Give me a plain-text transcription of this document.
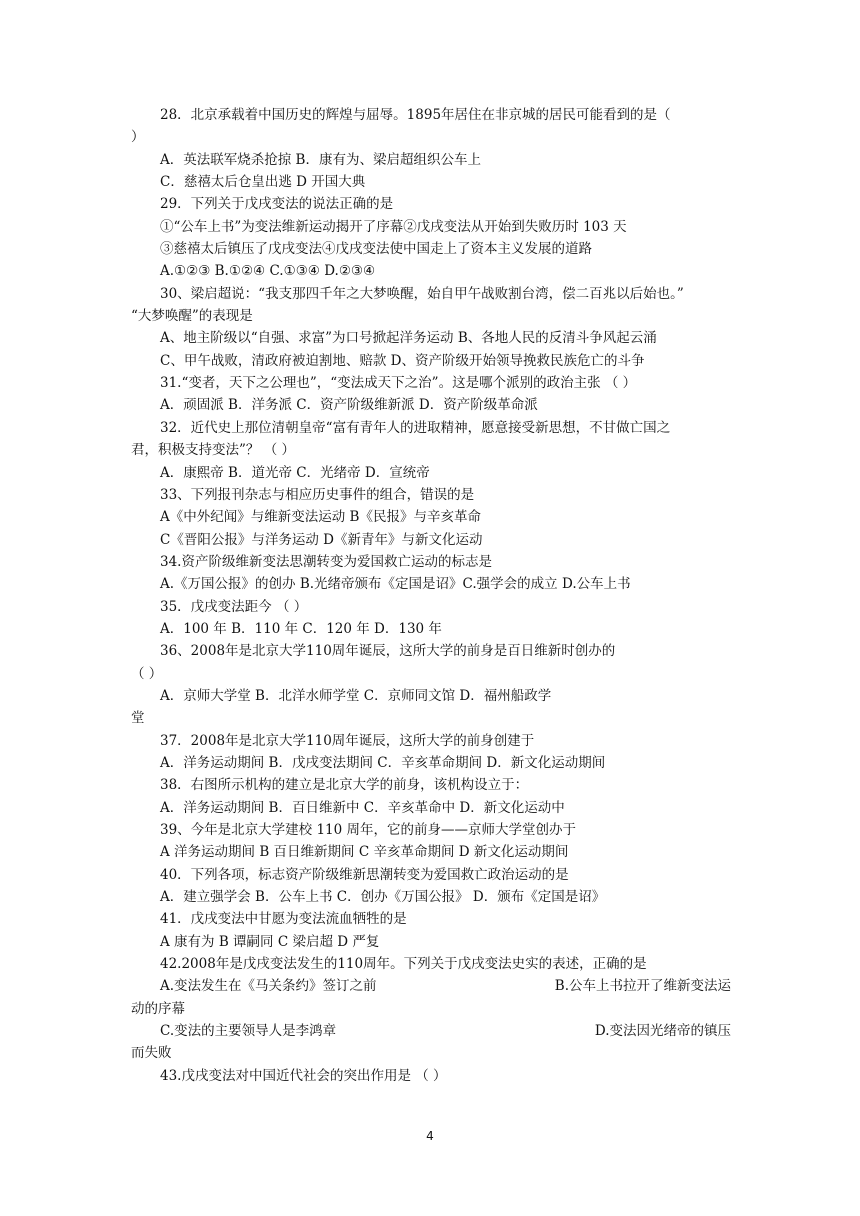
28．北京承载着中国历史的辉煌与屈辱。1895年居住在非京城的居民可能看到的是（
）
A．英法联军烧杀抢掠 B．康有为、梁启超组织公车上
C．慈禧太后仓皇出逃 D 开国大典
29．下列关于戊戌变法的说法正确的是
①“公车上书”为变法维新运动揭开了序幕②戊戌变法从开始到失败历时 103 天
③慈禧太后镇压了戊戌变法④戊戌变法使中国走上了资本主义发展的道路
A.①②③ B.①②④ C.①③④ D.②③④
30、梁启超说：“我支那四千年之大梦唤醒，始自甲午战败割台湾，偿二百兆以后始也。”
“大梦唤醒”的表现是
A、地主阶级以“自强、求富”为口号掀起洋务运动 B、各地人民的反清斗争风起云涌
C、甲午战败，清政府被迫割地、赔款 D、资产阶级开始领导挽救民族危亡的斗争
31.“变者，天下之公理也”，“变法成天下之治”。这是哪个派别的政治主张 （ ）
A．顽固派 B．洋务派 C．资产阶级维新派 D．资产阶级革命派
32．近代史上那位清朝皇帝“富有青年人的进取精神，愿意接受新思想，不甘做亡国之
君，积极支持变法”？ （ ）
A．康熙帝 B．道光帝 C．光绪帝 D．宣统帝
33、下列报刊杂志与相应历史事件的组合，错误的是
A《中外纪闻》与维新变法运动 B《民报》与辛亥革命
C《晋阳公报》与洋务运动 D《新青年》与新文化运动
34.资产阶级维新变法思潮转变为爱国救亡运动的标志是
A.《万国公报》的创办 B.光绪帝颁布《定国是诏》C.强学会的成立 D.公车上书
35．戊戌变法距今 （ ）
A．100 年 B．110 年 C．120 年 D．130 年
36、2008年是北京大学110周年诞辰，这所大学的前身是百日维新时创办的
（ ）
A．京师大学堂 B．北洋水师学堂 C．京师同文馆 D．福州船政学
堂
37．2008年是北京大学110周年诞辰，这所大学的前身创建于
A．洋务运动期间 B．戊戌变法期间 C．辛亥革命期间 D．新文化运动期间
38．右图所示机构的建立是北京大学的前身，该机构设立于：
A．洋务运动期间 B．百日维新中 C．辛亥革命中 D．新文化运动中
39、今年是北京大学建校 110 周年，它的前身——京师大学堂创办于
A 洋务运动期间 B 百日维新期间 C 辛亥革命期间 D 新文化运动期间
40．下列各项，标志资产阶级维新思潮转变为爱国救亡政治运动的是
A．建立强学会 B．公车上书 C．创办《万国公报》 D．颁布《定国是诏》
41．戊戌变法中甘愿为变法流血牺牲的是
A 康有为 B 谭嗣同 C 梁启超 D 严复
42.2008年是戊戌变法发生的110周年。下列关于戊戌变法史实的表述，正确的是
A.变法发生在《马关条约》签订之前	B.公车上书拉开了维新变法运
动的序幕
C.变法的主要领导人是李鸿章	D.变法因光绪帝的镇压
而失败
43.戊戌变法对中国近代社会的突出作用是 （ ）
4
